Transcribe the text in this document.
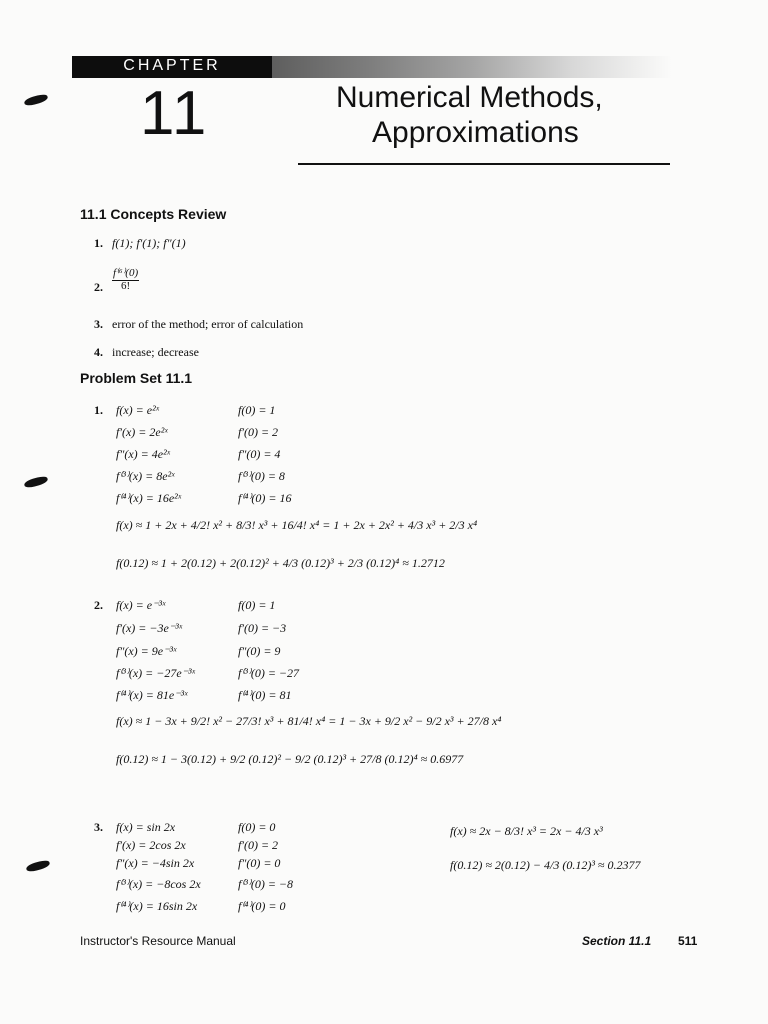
CHAPTER
11	Numerical Methods,
Approximations
11.1 Concepts Review
1. f(1); f′(1); f″(1)
2. $\frac{\text{f⁽⁶⁾(0)}}{6!}$
3. error of the method; error of calculation
4. increase; decrease
Problem Set 11.1
1. f(x) = e²ˣ
f′(x) = 2e²ˣ
f″(x) = 4e²ˣ
f⁽³⁾(x) = 8e²ˣ
f⁽⁴⁾(x) = 16e²ˣ
f(0) = 1
f′(0) = 2
f″(0) = 4
f⁽³⁾(0) = 8
f⁽⁴⁾(0) = 16
f(x) ≈ 1 + 2x + 4/2! x² + 8/3! x³ + 16/4! x⁴ = 1 + 2x + 2x² + 4/3 x³ + 2/3 x⁴
f(0.12) ≈ 1 + 2(0.12) + 2(0.12)² + 4/3 (0.12)³ + 2/3 (0.12)⁴ ≈ 1.2712
2. f(x) = e⁻³ˣ
f′(x) = −3e⁻³ˣ
f″(x) = 9e⁻³ˣ
f⁽³⁾(x) = −27e⁻³ˣ
f⁽⁴⁾(x) = 81e⁻³ˣ
f(0) = 1
f′(0) = −3
f″(0) = 9
f⁽³⁾(0) = −27
f⁽⁴⁾(0) = 81
f(x) ≈ 1 − 3x + 9/2! x² − 27/3! x³ + 81/4! x⁴ = 1 − 3x + 9/2 x² − 9/2 x³ + 27/8 x⁴
f(0.12) ≈ 1 − 3(0.12) + 9/2 (0.12)² − 9/2 (0.12)³ + 27/8 (0.12)⁴ ≈ 0.6977
3. f(x) = sin 2x
f′(x) = 2cos 2x
f″(x) = −4sin 2x
f⁽³⁾(x) = −8cos 2x
f⁽⁴⁾(x) = 16sin 2x
f(0) = 0
f′(0) = 2
f″(0) = 0
f⁽³⁾(0) = −8
f⁽⁴⁾(0) = 0
f(x) ≈ 2x − 8/3! x³ = 2x − 4/3 x³
f(0.12) ≈ 2(0.12) − 4/3 (0.12)³ ≈ 0.2377
Instructor's Resource Manual	Section 11.1 511
